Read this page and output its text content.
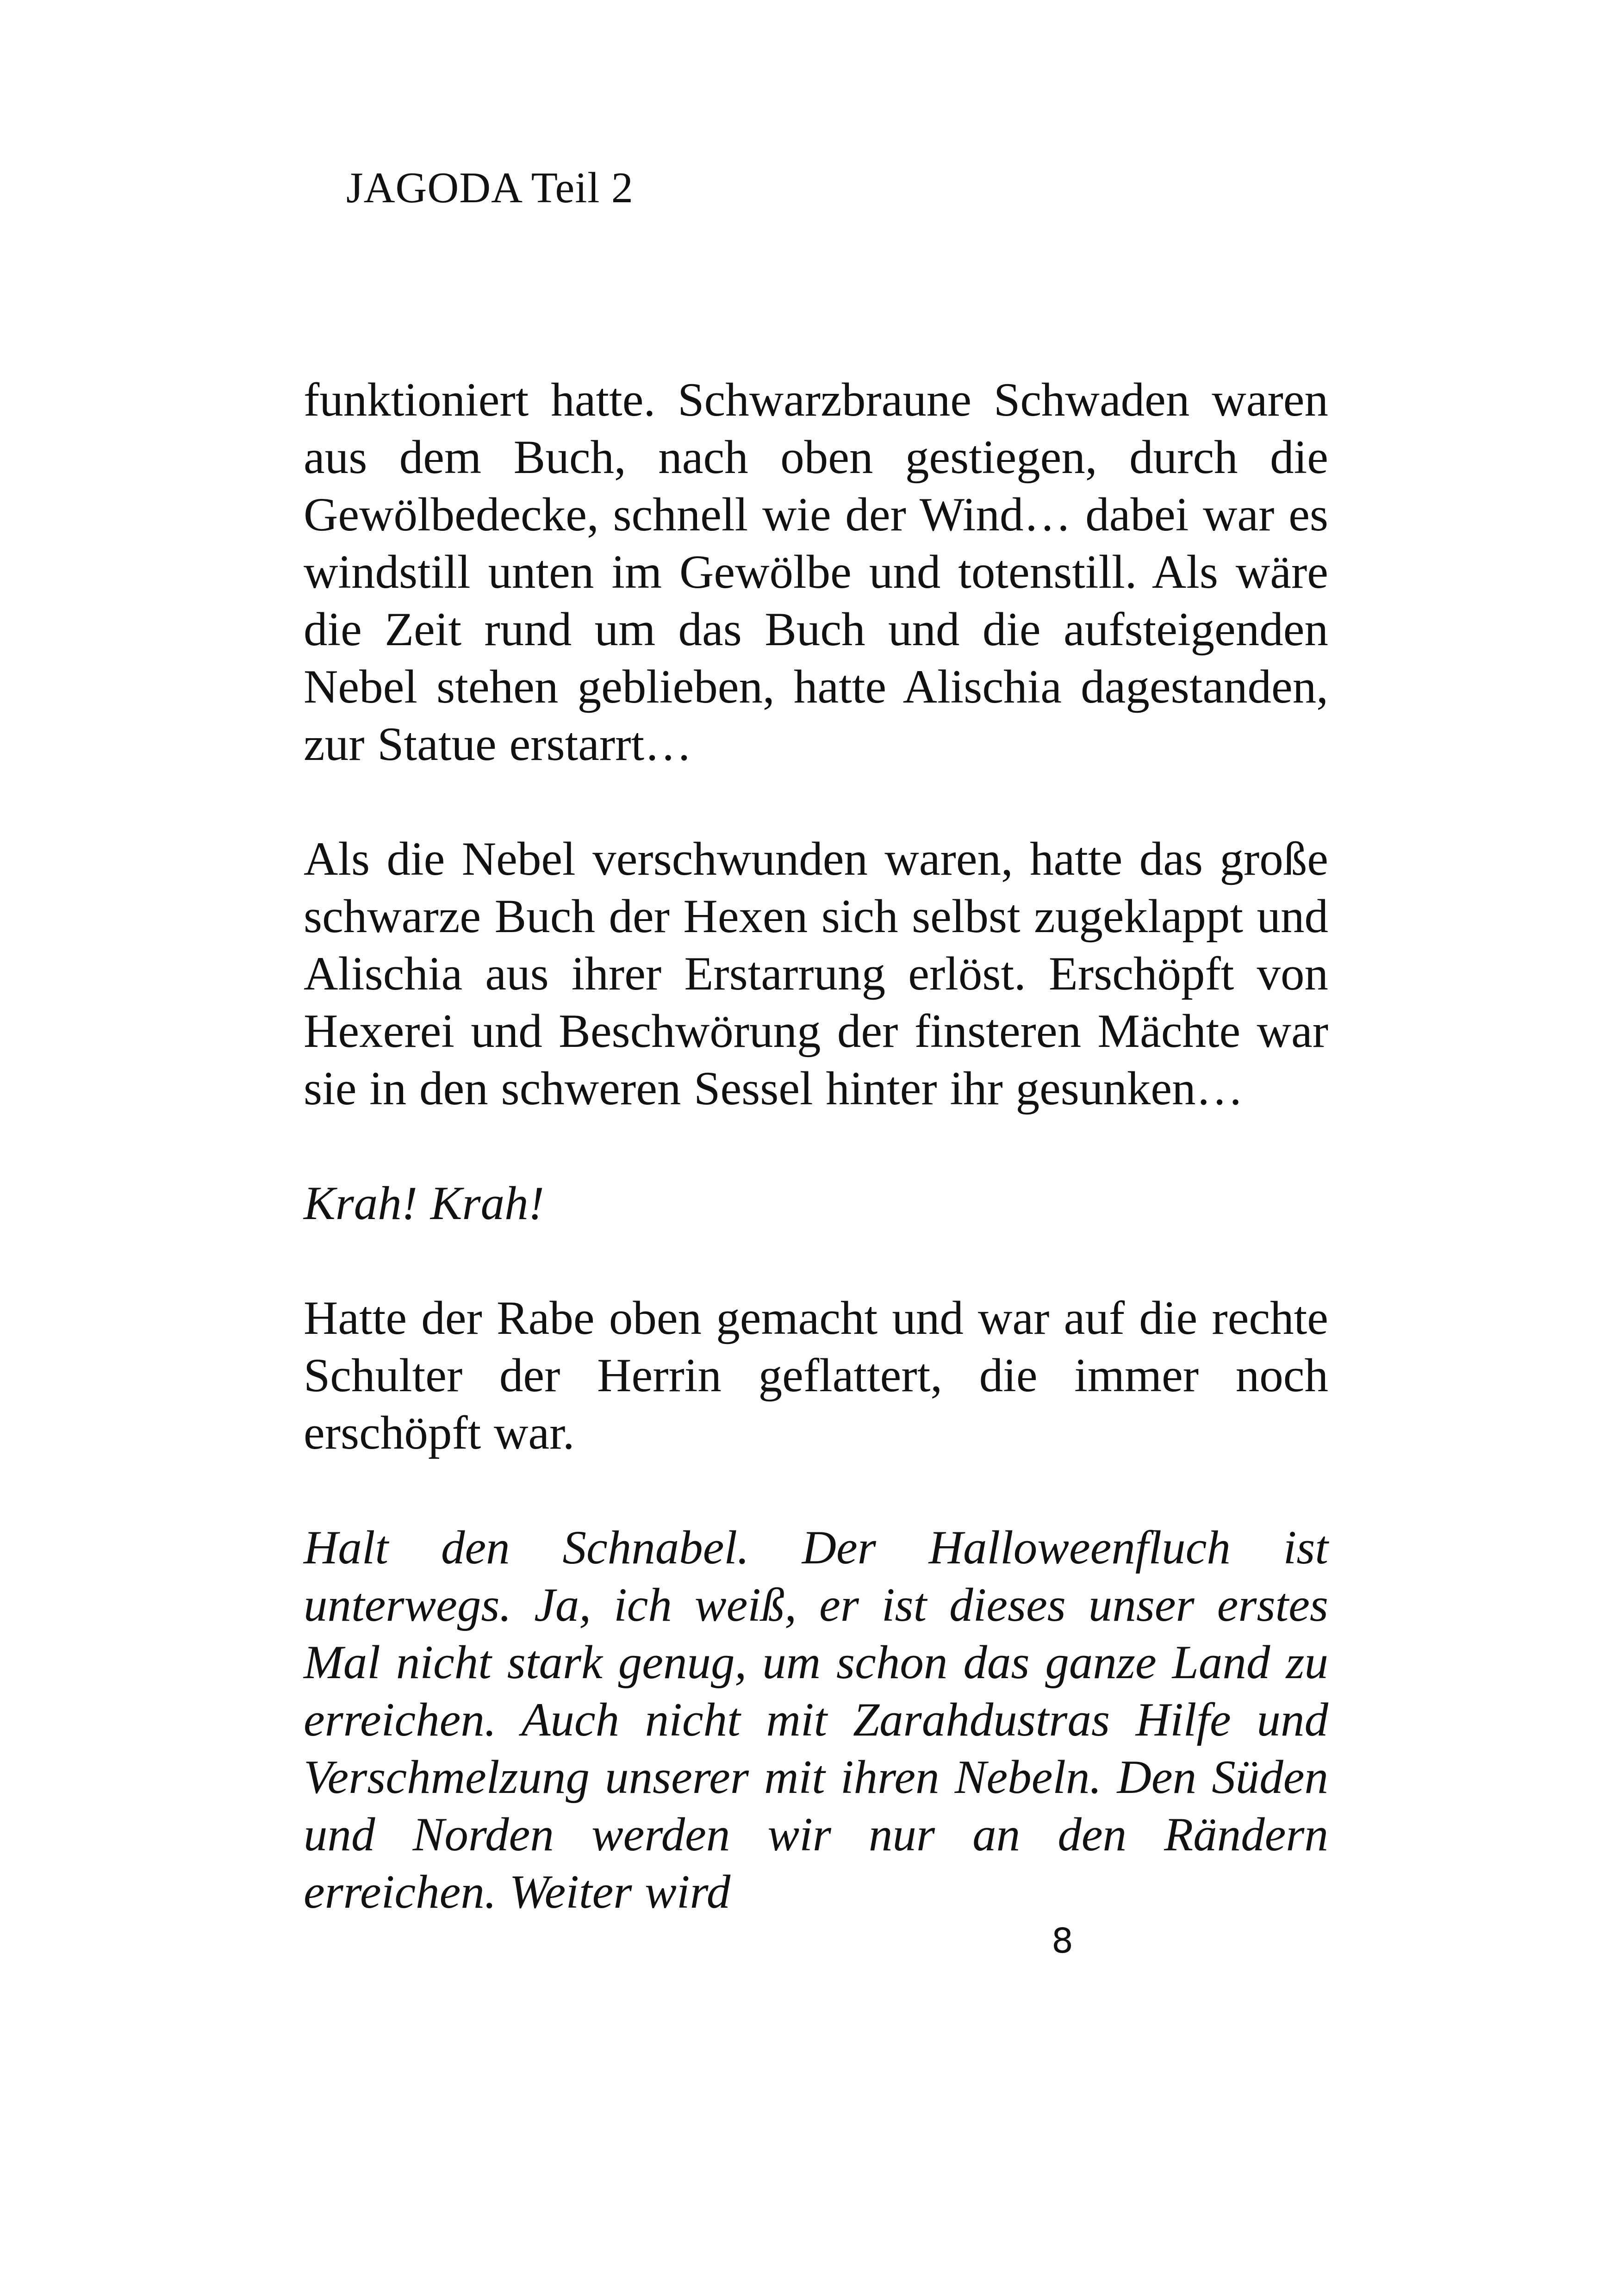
JAGODA Teil 2

funktioniert hatte. Schwarzbraune Schwaden waren aus dem Buch, nach oben gestiegen, durch die Gewölbedecke, schnell wie der Wind… dabei war es windstill unten im Gewölbe und totenstill. Als wäre die Zeit rund um das Buch und die aufsteigenden Nebel stehen geblieben, hatte Alischia dagestanden, zur Statue erstarrt…

Als die Nebel verschwunden waren, hatte das große schwarze Buch der Hexen sich selbst zugeklappt und Alischia aus ihrer Erstarrung erlöst. Erschöpft von Hexerei und Beschwörung der finsteren Mächte war sie in den schweren Sessel hinter ihr gesunken…

Krah! Krah!

Hatte der Rabe oben gemacht und war auf die rechte Schulter der Herrin geflattert, die immer noch erschöpft war.

Halt den Schnabel. Der Halloweenfluch ist unterwegs. Ja, ich weiß, er ist dieses unser erstes Mal nicht stark genug, um schon das ganze Land zu erreichen. Auch nicht mit Zarahdustras Hilfe und Verschmelzung unserer mit ihren Nebeln. Den Süden und Norden werden wir nur an den Rändern erreichen. Weiter wird

8
